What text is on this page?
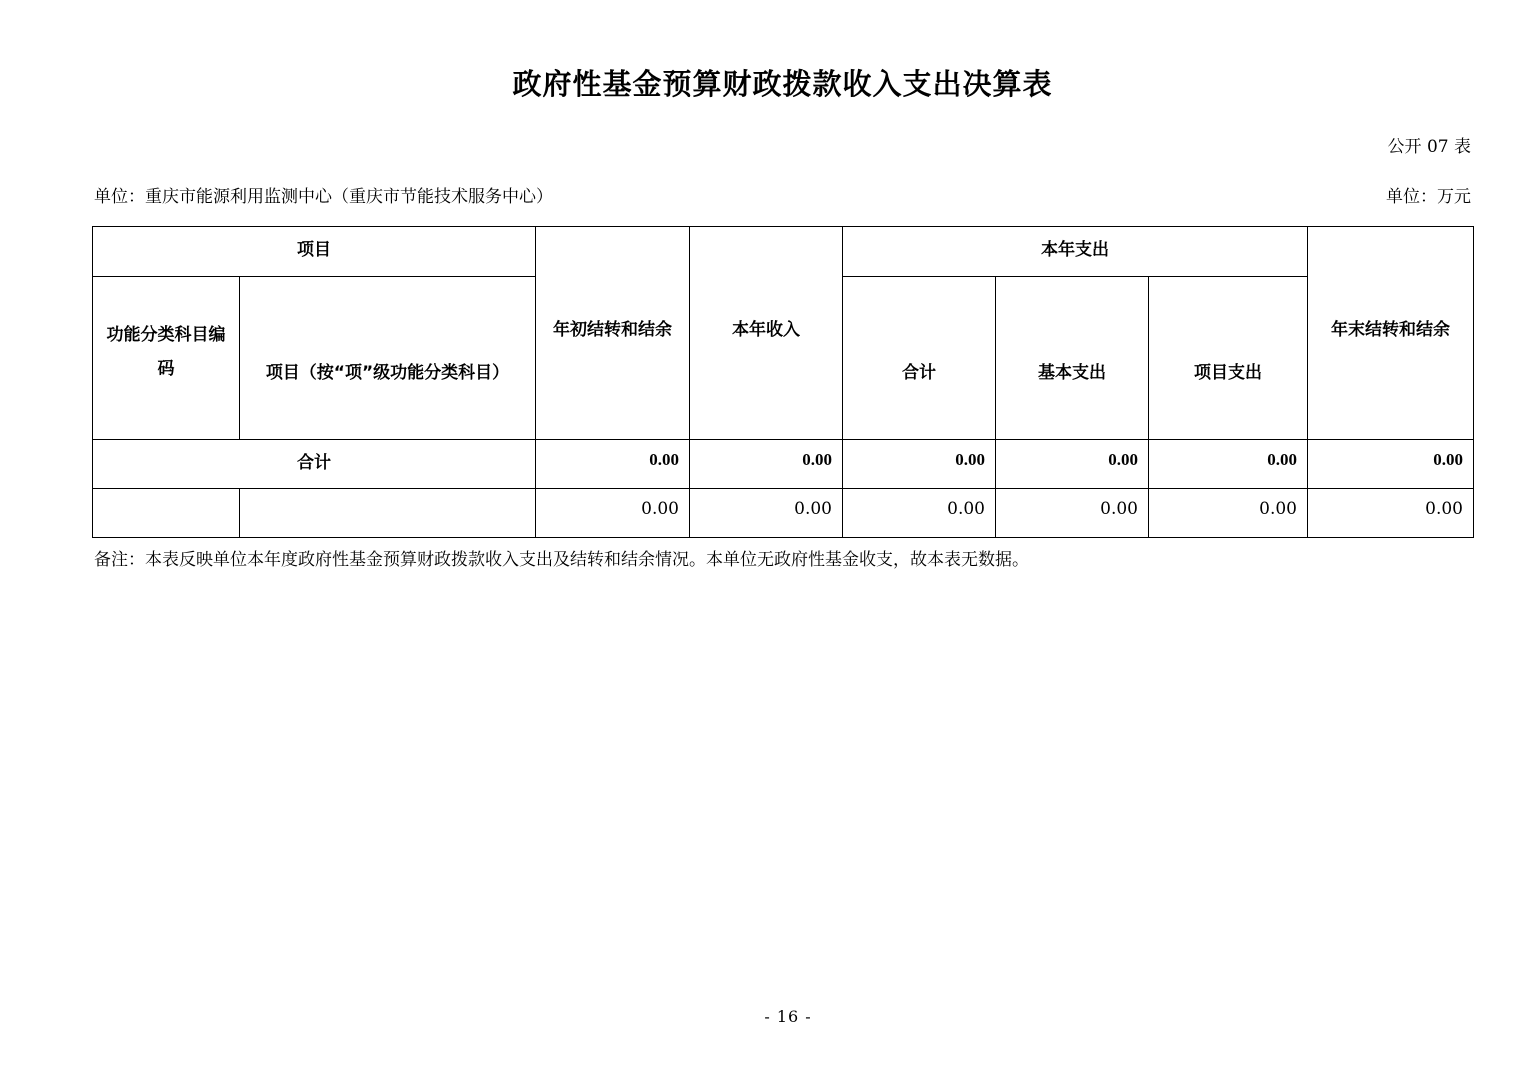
政府性基金预算财政拨款收入支出决算表
公开 07 表
单位：重庆市能源利用监测中心（重庆市节能技术服务中心）	单位：万元
项目		年初结转和结余	本年收入	本年支出			年末结转和结余
功能分类科目编码	项目（按“项”级功能分类科目）			合计	基本支出	项目支出	
合计		0.00	0.00	0.00	0.00	0.00	0.00
		0.00	0.00	0.00	0.00	0.00	0.00
备注：本表反映单位本年度政府性基金预算财政拨款收入支出及结转和结余情况。本单位无政府性基金收支，故本表无数据。
- 16 -
